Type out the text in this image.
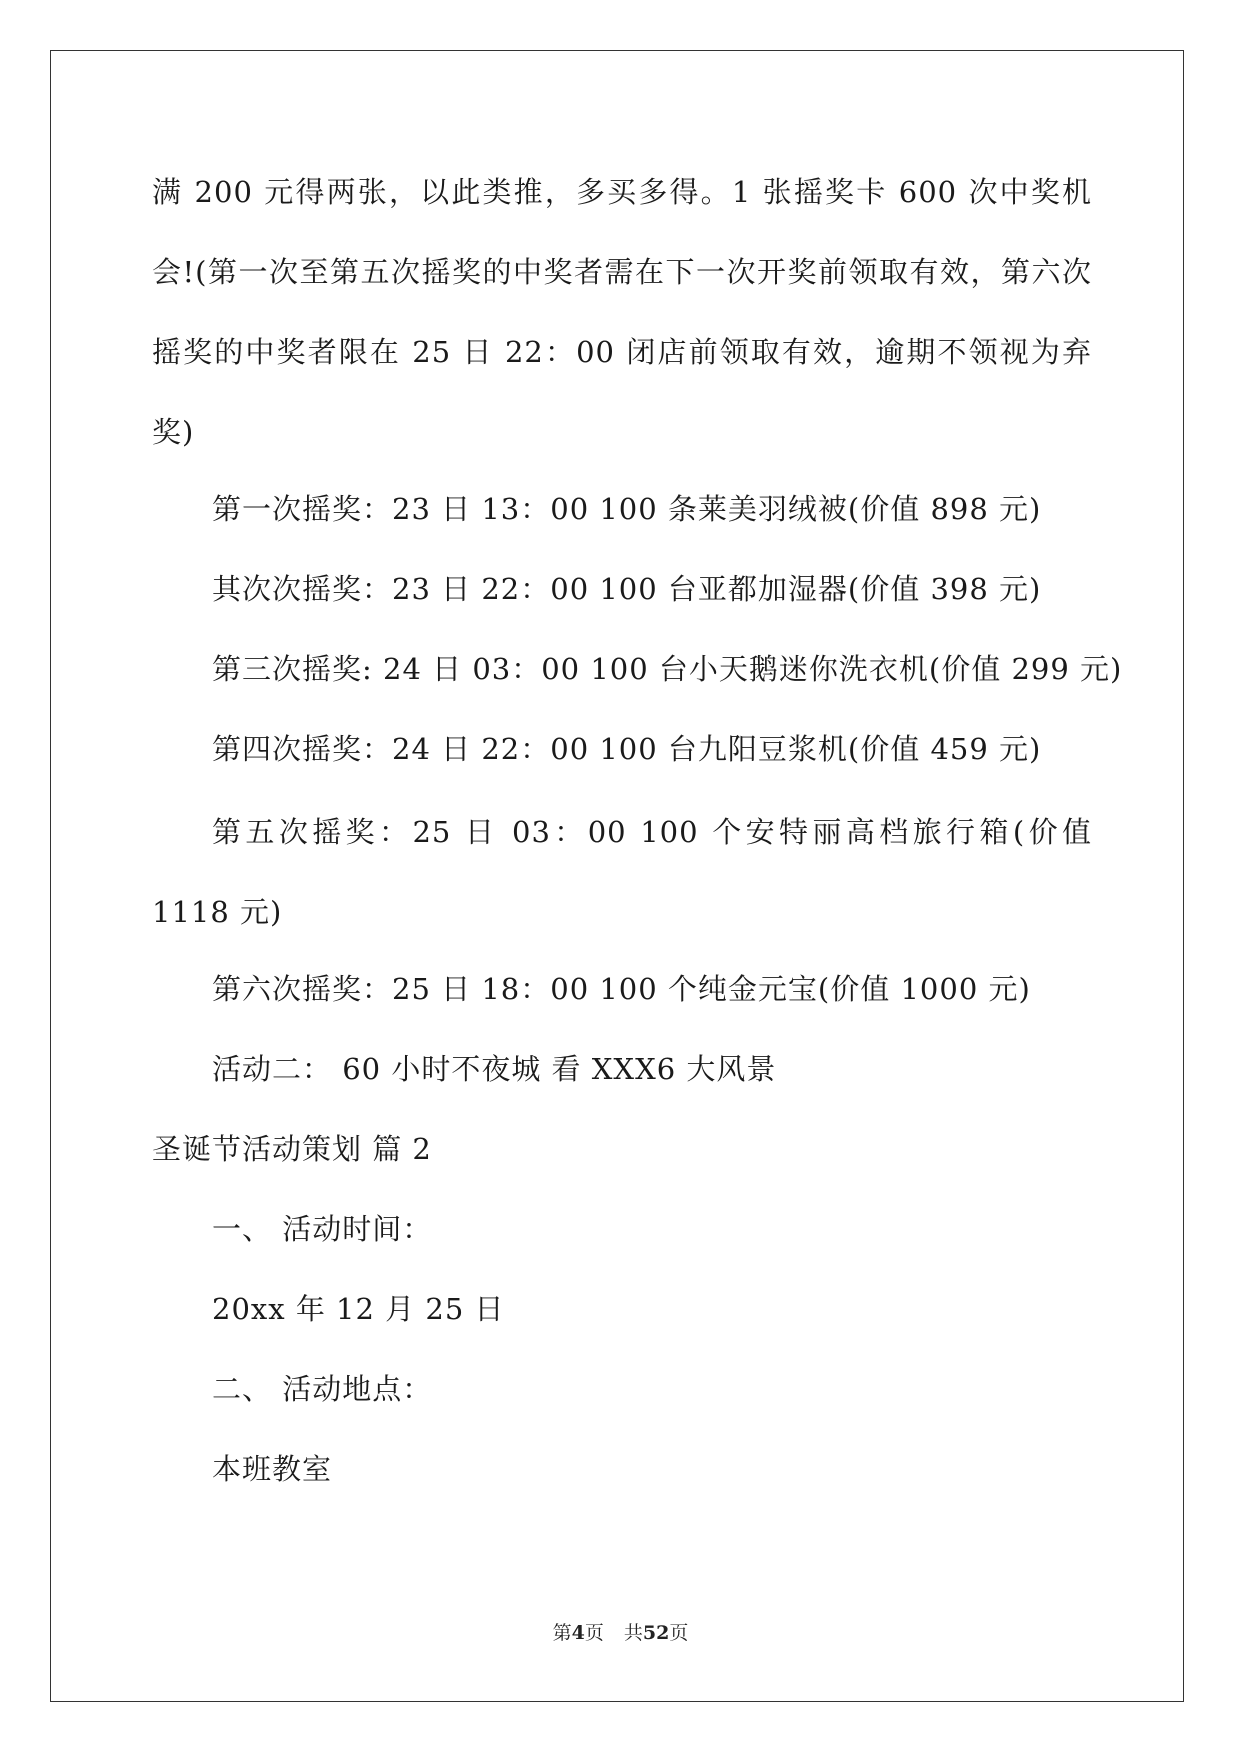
满 200 元得两张，以此类推，多买多得。1 张摇奖卡 600 次中奖机会!(第一次至第五次摇奖的中奖者需在下一次开奖前领取有效，第六次摇奖的中奖者限在 25 日 22：00 闭店前领取有效，逾期不领视为弃奖)
第一次摇奖：23 日 13：00 100 条莱美羽绒被(价值 898 元)
其次次摇奖：23 日 22：00 100 台亚都加湿器(价值 398 元)
第三次摇奖: 24 日 03：00 100 台小天鹅迷你洗衣机(价值 299 元)
第四次摇奖：24 日 22：00 100 台九阳豆浆机(价值 459 元)
第五次摇奖：25 日 03：00 100 个安特丽高档旅行箱(价值 1118 元)
第六次摇奖：25 日 18：00 100 个纯金元宝(价值 1000 元)
活动二： 60 小时不夜城 看 XXX6 大风景
圣诞节活动策划 篇 2
一、 活动时间：
20xx 年 12 月 25 日
二、 活动地点：
本班教室
第4页 共52页
